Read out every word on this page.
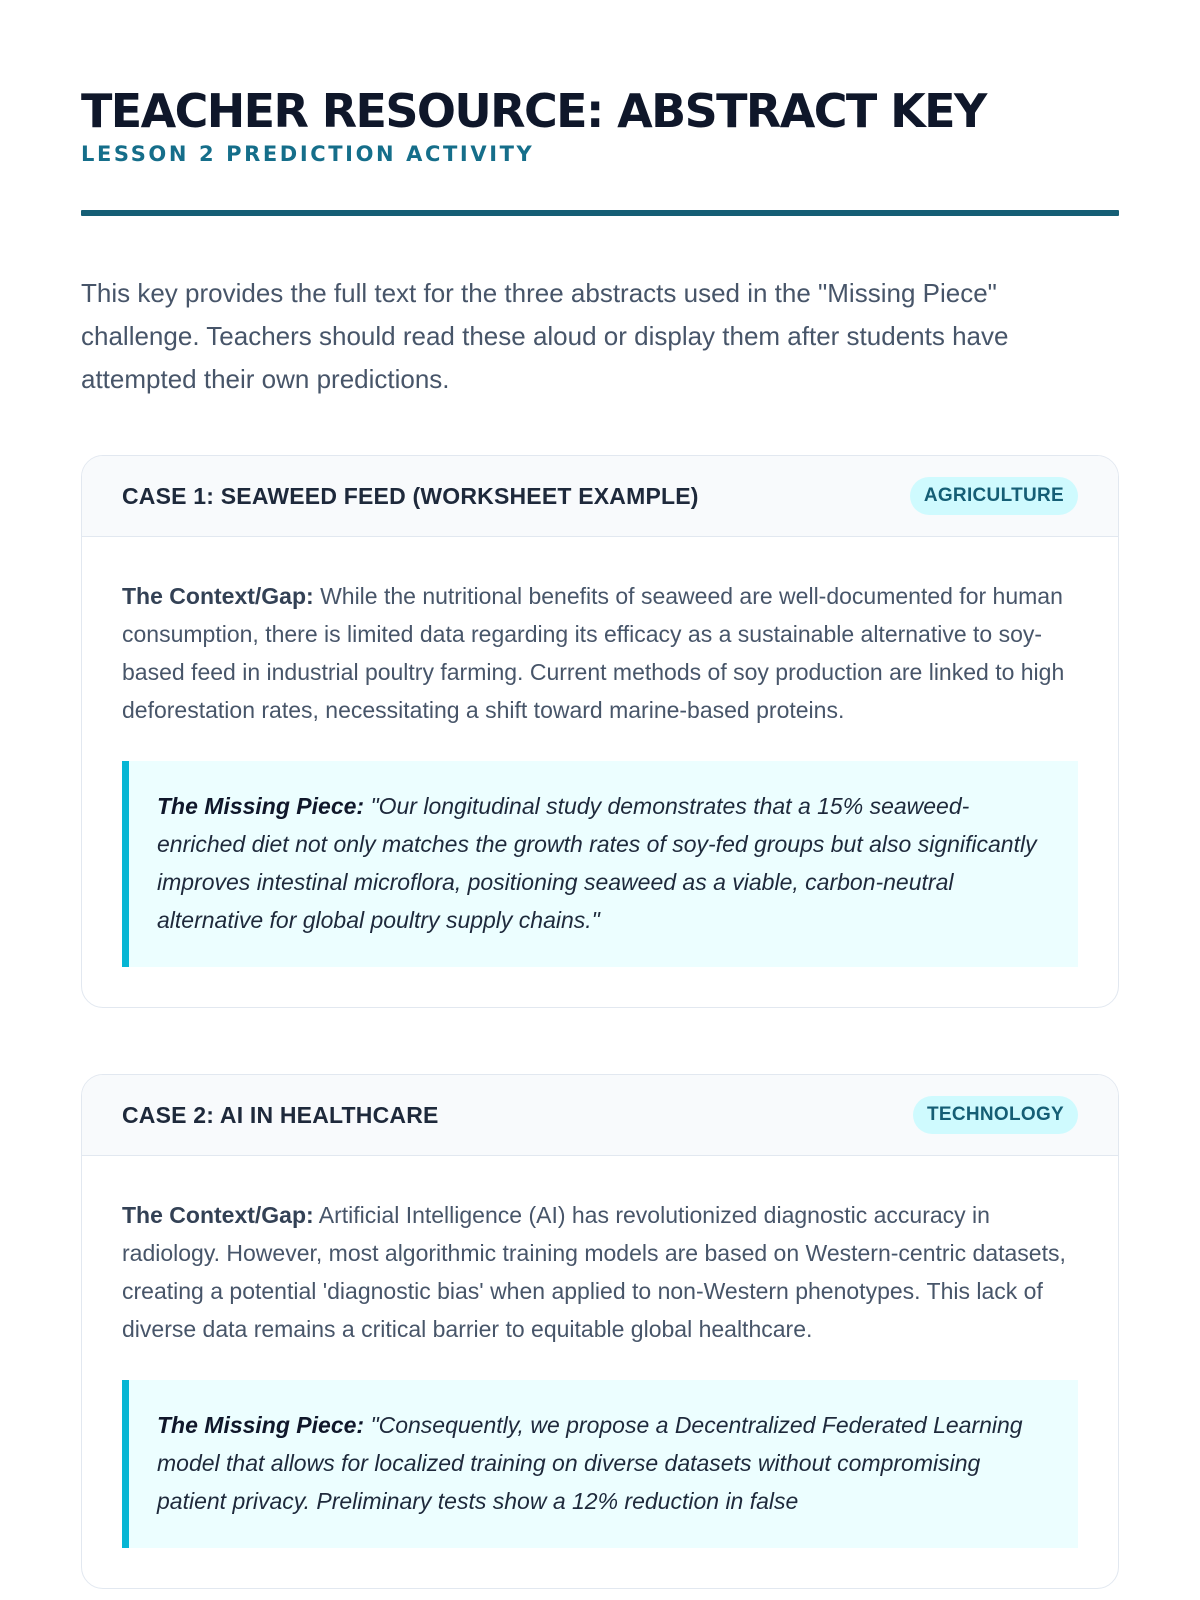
TEACHER RESOURCE: ABSTRACT KEY
LESSON 2 PREDICTION ACTIVITY

This key provides the full text for the three abstracts used in the "Missing Piece" challenge. Teachers should read these aloud or display them after students have attempted their own predictions.

CASE 1: SEAWEED FEED (WORKSHEET EXAMPLE)	AGRICULTURE

The Context/Gap: While the nutritional benefits of seaweed are well-documented for human consumption, there is limited data regarding its efficacy as a sustainable alternative to soy-based feed in industrial poultry farming. Current methods of soy production are linked to high deforestation rates, necessitating a shift toward marine-based proteins.

The Missing Piece: "Our longitudinal study demonstrates that a 15% seaweed-enriched diet not only matches the growth rates of soy-fed groups but also significantly improves intestinal microflora, positioning seaweed as a viable, carbon-neutral alternative for global poultry supply chains."
CASE 2: AI IN HEALTHCARE	TECHNOLOGY

The Context/Gap: Artificial Intelligence (AI) has revolutionized diagnostic accuracy in radiology. However, most algorithmic training models are based on Western-centric datasets, creating a potential 'diagnostic bias' when applied to non-Western phenotypes. This lack of diverse data remains a critical barrier to equitable global healthcare.

The Missing Piece: "Consequently, we propose a Decentralized Federated Learning model that allows for localized training on diverse datasets without compromising patient privacy. Preliminary tests show a 12% reduction in false
